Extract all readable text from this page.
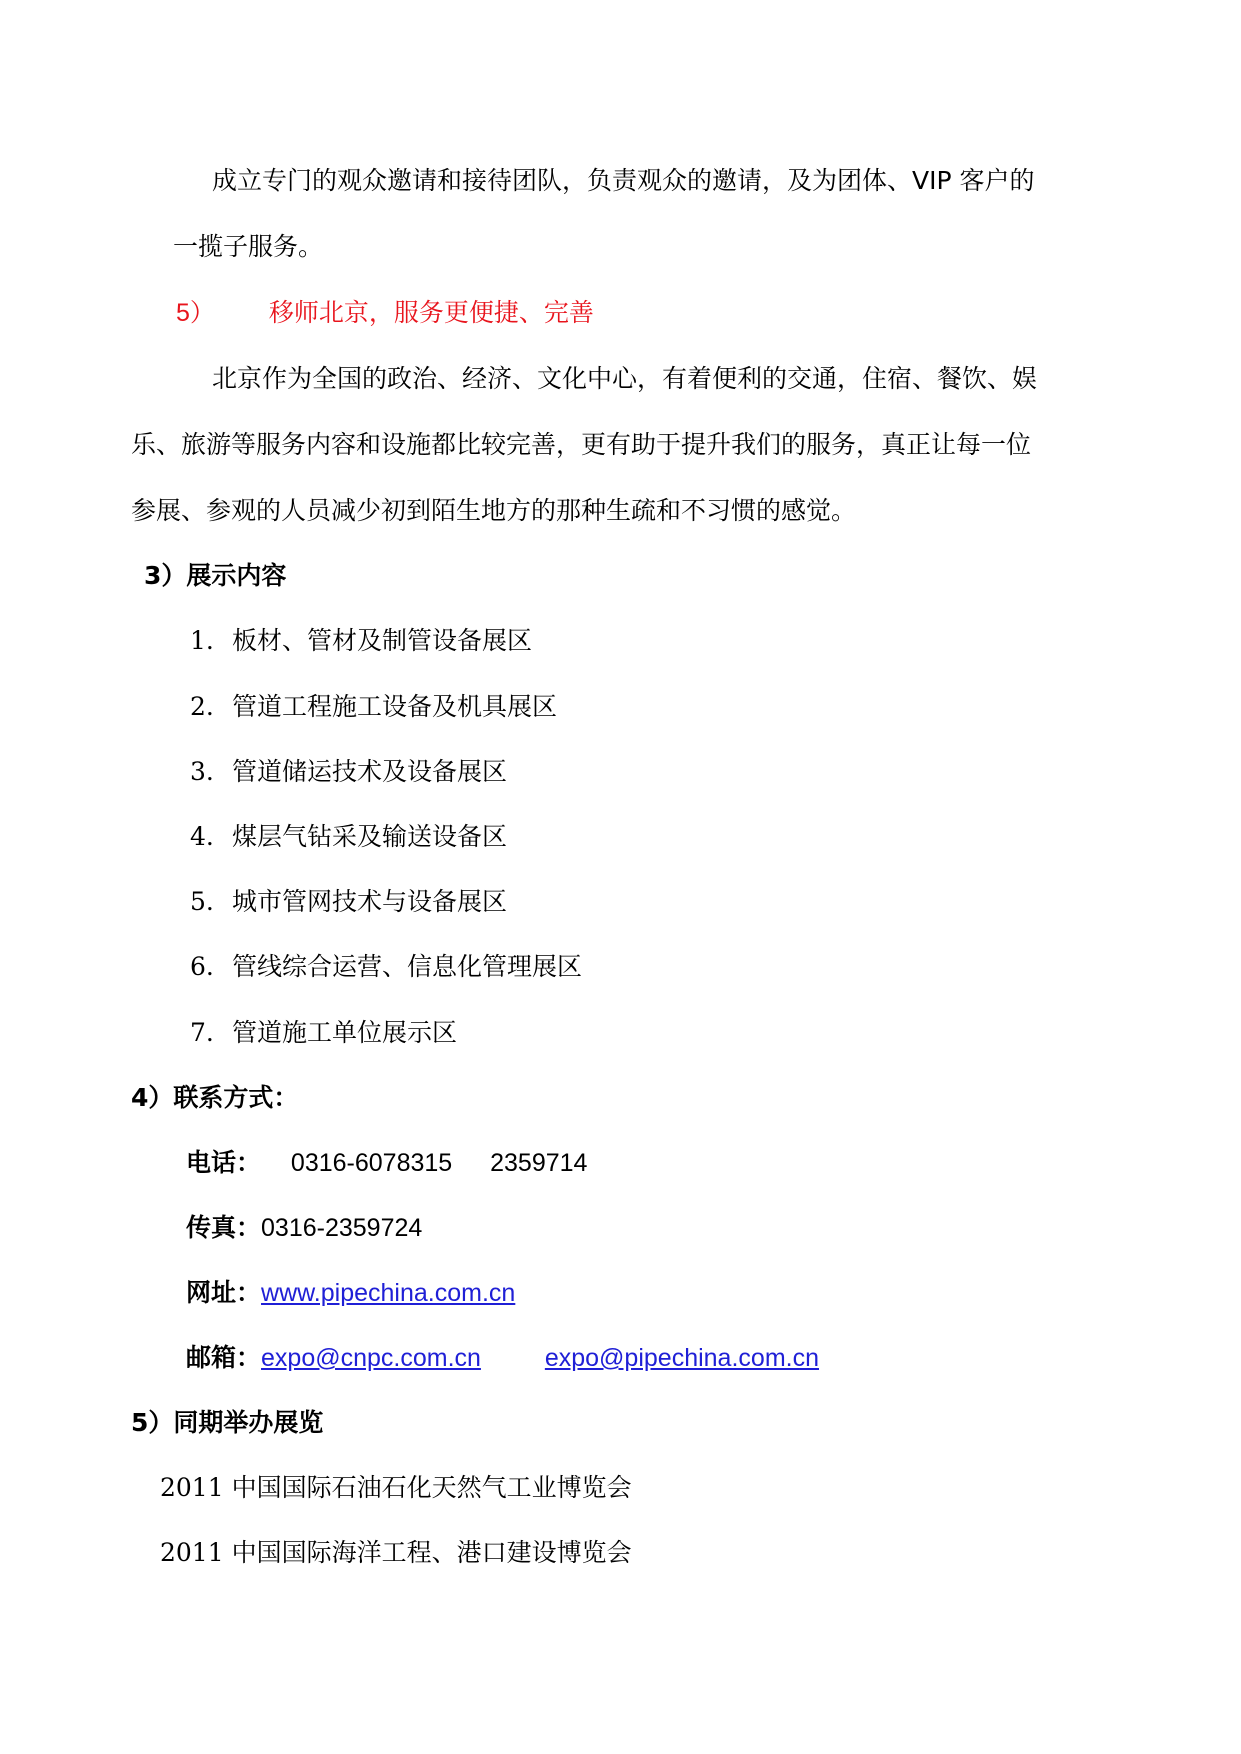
成立专门的观众邀请和接待团队，负责观众的邀请，及为团体、VIP 客户的
一揽子服务。
5） 移师北京，服务更便捷、完善
北京作为全国的政治、经济、文化中心，有着便利的交通，住宿、餐饮、娱
乐、旅游等服务内容和设施都比较完善，更有助于提升我们的服务，真正让每一位
参展、参观的人员减少初到陌生地方的那种生疏和不习惯的感觉。
3）展示内容
1. 板材、管材及制管设备展区
2. 管道工程施工设备及机具展区
3. 管道储运技术及设备展区
4. 煤层气钻采及输送设备区
5. 城市管网技术与设备展区
6. 管线综合运营、信息化管理展区
7. 管道施工单位展示区
4）联系方式：
电话： 0316-6078315 2359714
传真：0316-2359724
网址：www.pipechina.com.cn
邮箱：expo@cnpc.com.cn	expo@pipechina.com.cn
5）同期举办展览
2011 中国国际石油石化天然气工业博览会
2011 中国国际海洋工程、港口建设博览会
